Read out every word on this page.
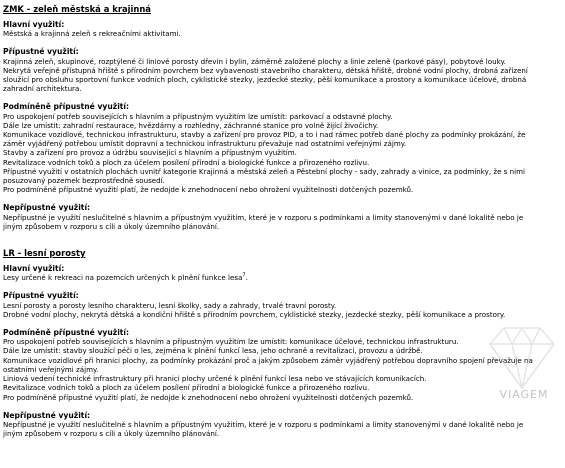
ZMK - zeleň městská a krajinná
Hlavní využití:
Městská a krajinná zeleň s rekreačními aktivitami.
Přípustné využití:
Krajinná zeleň, skupinové, rozptýlené či liniové porosty dřevin i bylin, záměrně založené plochy a linie zeleně (parkové pásy), pobytové louky.
Nekrytá veřejně přístupná hřiště s přírodním povrchem bez vybavenosti stavebního charakteru, dětská hřiště, drobné vodní plochy, drobná zařízení
sloužící pro obsluhu sportovní funkce vodních ploch, cyklistické stezky, jezdecké stezky, pěší komunikace a prostory a komunikace účelové, drobná
zahradní architektura.
Podmíněně přípustné využití:
Pro uspokojení potřeb souvisejících s hlavním a přípustným využitím lze umístit: parkovací a odstavné plochy.
Dále lze umístit: zahradní restaurace, hvězdárny a rozhledny, záchranné stanice pro volně žijící živočichy.
Komunikace vozidlové, technickou infrastrukturu, stavby a zařízení pro provoz PID, a to i nad rámec potřeb dané plochy za podmínky prokázání, že
záměr vyjádřený potřebou umístit dopravní a technickou infrastrukturu převažuje nad ostatními veřejnými zájmy.
Stavby a zařízení pro provoz a údržbu související s hlavním a přípustným využitím.
Revitalizace vodních toků a ploch za účelem posílení přírodní a biologické funkce a přirozeného rozlivu.
Přípustné využití v ostatních plochách uvnitř kategorie Krajinná a městská zeleň a Pěstební plochy - sady, zahrady a vinice, za podmínky, že s nimi
posuzovaný pozemek bezprostředně sousedí.
Pro podmíněně přípustné využití platí, že nedojde k znehodnocení nebo ohrožení využitelnosti dotčených pozemků.
Nepřípustné využití:
Nepřípustné je využití neslučitelné s hlavním a přípustným využitím, které je v rozporu s podmínkami a limity stanovenými v dané lokalitě nebo je
jiným způsobem v rozporu s cíli a úkoly územního plánování.
LR - lesní porosty
Hlavní využití:
Lesy určené k rekreaci na pozemcích určených k plnění funkce lesa$^7$.
Přípustné využití:
Lesní porosty a porosty lesního charakteru, lesní školky, sady a zahrady, trvalé travní porosty.
Drobné vodní plochy, nekrytá dětská a kondiční hřiště s přírodním povrchem, cyklistické stezky, jezdecké stezky, pěší komunikace a prostory.
Podmíněně přípustné využití:
Pro uspokojení potřeb souvisejících s hlavním a přípustným využitím lze umístit: komunikace účelové, technickou infrastrukturu.
Dále lze umístit: stavby sloužící péči o les, zejména k plnění funkcí lesa, jeho ochraně a revitalizaci, provozu a údržbě.
Komunikace vozidlové při hranici plochy, za podmínky prokázání proč a jakým způsobem záměr vyjádřený potřebou dopravního spojení převažuje na
ostatními veřejnými zájmy.
Liniová vedení technické infrastruktury při hranici plochy určené k plnění funkcí lesa nebo ve stávajících komunikacích.
Revitalizace vodních toků a ploch za účelem posílení přírodní a biologické funkce a přirozeného rozlivu.
Pro podmíněně přípustné využití platí, že nedojde k znehodnocení nebo ohrožení využitelnosti dotčených pozemků.
Nepřípustné využití:
Nepřípustné je využití neslučitelné s hlavním a přípustným využitím, které je v rozporu s podmínkami a limity stanovenými v dané lokalitě nebo je
jiným způsobem v rozporu s cíli a úkoly územního plánování.
VIAGEM
